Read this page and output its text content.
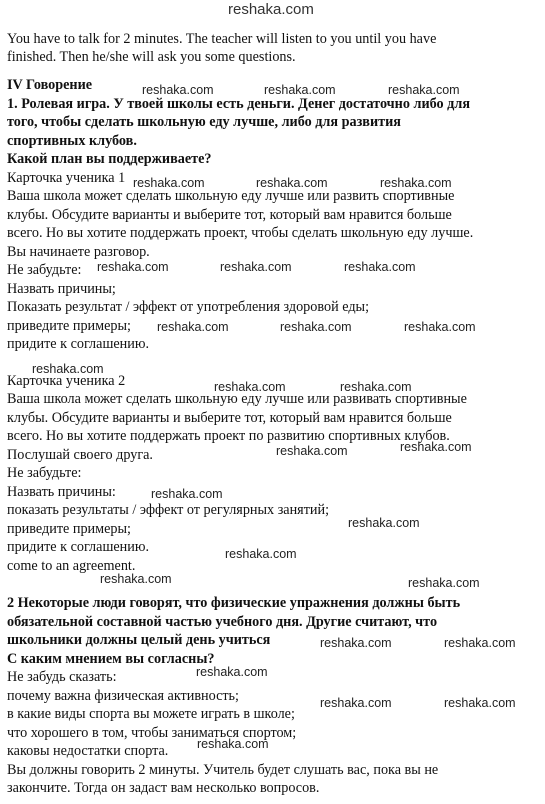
You have to talk for 2 minutes. The teacher will listen to you until you have
finished. Then he/she will ask you some questions.
IV Говорение
1. Ролевая игра. У твоей школы есть деньги. Денег достаточно либо для
того, чтобы сделать школьную еду лучше, либо для развития
спортивных клубов.
Какой план вы поддерживаете?
Карточка ученика 1
Ваша школа может сделать школьную еду лучше или развить спортивные
клубы. Обсудите варианты и выберите тот, который вам нравится больше
всего. Но вы хотите поддержать проект, чтобы сделать школьную еду лучше.
Вы начинаете разговор.
Не забудьте:
Назвать причины;
Показать результат / эффект от употребления здоровой еды;
приведите примеры;
придите к соглашению.
Карточка ученика 2
Ваша школа может сделать школьную еду лучше или развивать спортивные
клубы. Обсудите варианты и выберите тот, который вам нравится больше
всего. Но вы хотите поддержать проект по развитию спортивных клубов.
Послушай своего друга.
Не забудьте:
Назвать причины:
показать результаты / эффект от регулярных занятий;
приведите примеры;
придите к соглашению.
come to an agreement.
2 Некоторые люди говорят, что физические упражнения должны быть
обязательной составной частью учебного дня. Другие считают, что
школьники должны целый день учиться
С каким мнением вы согласны?
Не забудь сказать:
почему важна физическая активность;
в какие виды спорта вы можете играть в школе;
что хорошего в том, чтобы заниматься спортом;
каковы недостатки спорта.
Вы должны говорить 2 минуты. Учитель будет слушать вас, пока вы не
закончите. Тогда он задаст вам несколько вопросов.
reshaka.com
reshaka.com	reshaka.com	reshaka.com
reshaka.com	reshaka.com	reshaka.com
reshaka.com	reshaka.com	reshaka.com
reshaka.com	reshaka.com	reshaka.com
reshaka.com
reshaka.com	reshaka.com
reshaka.com	reshaka.com
reshaka.com
reshaka.com
reshaka.com
reshaka.com	reshaka.com
reshaka.com	reshaka.com
reshaka.com
reshaka.com	reshaka.com
reshaka.com
